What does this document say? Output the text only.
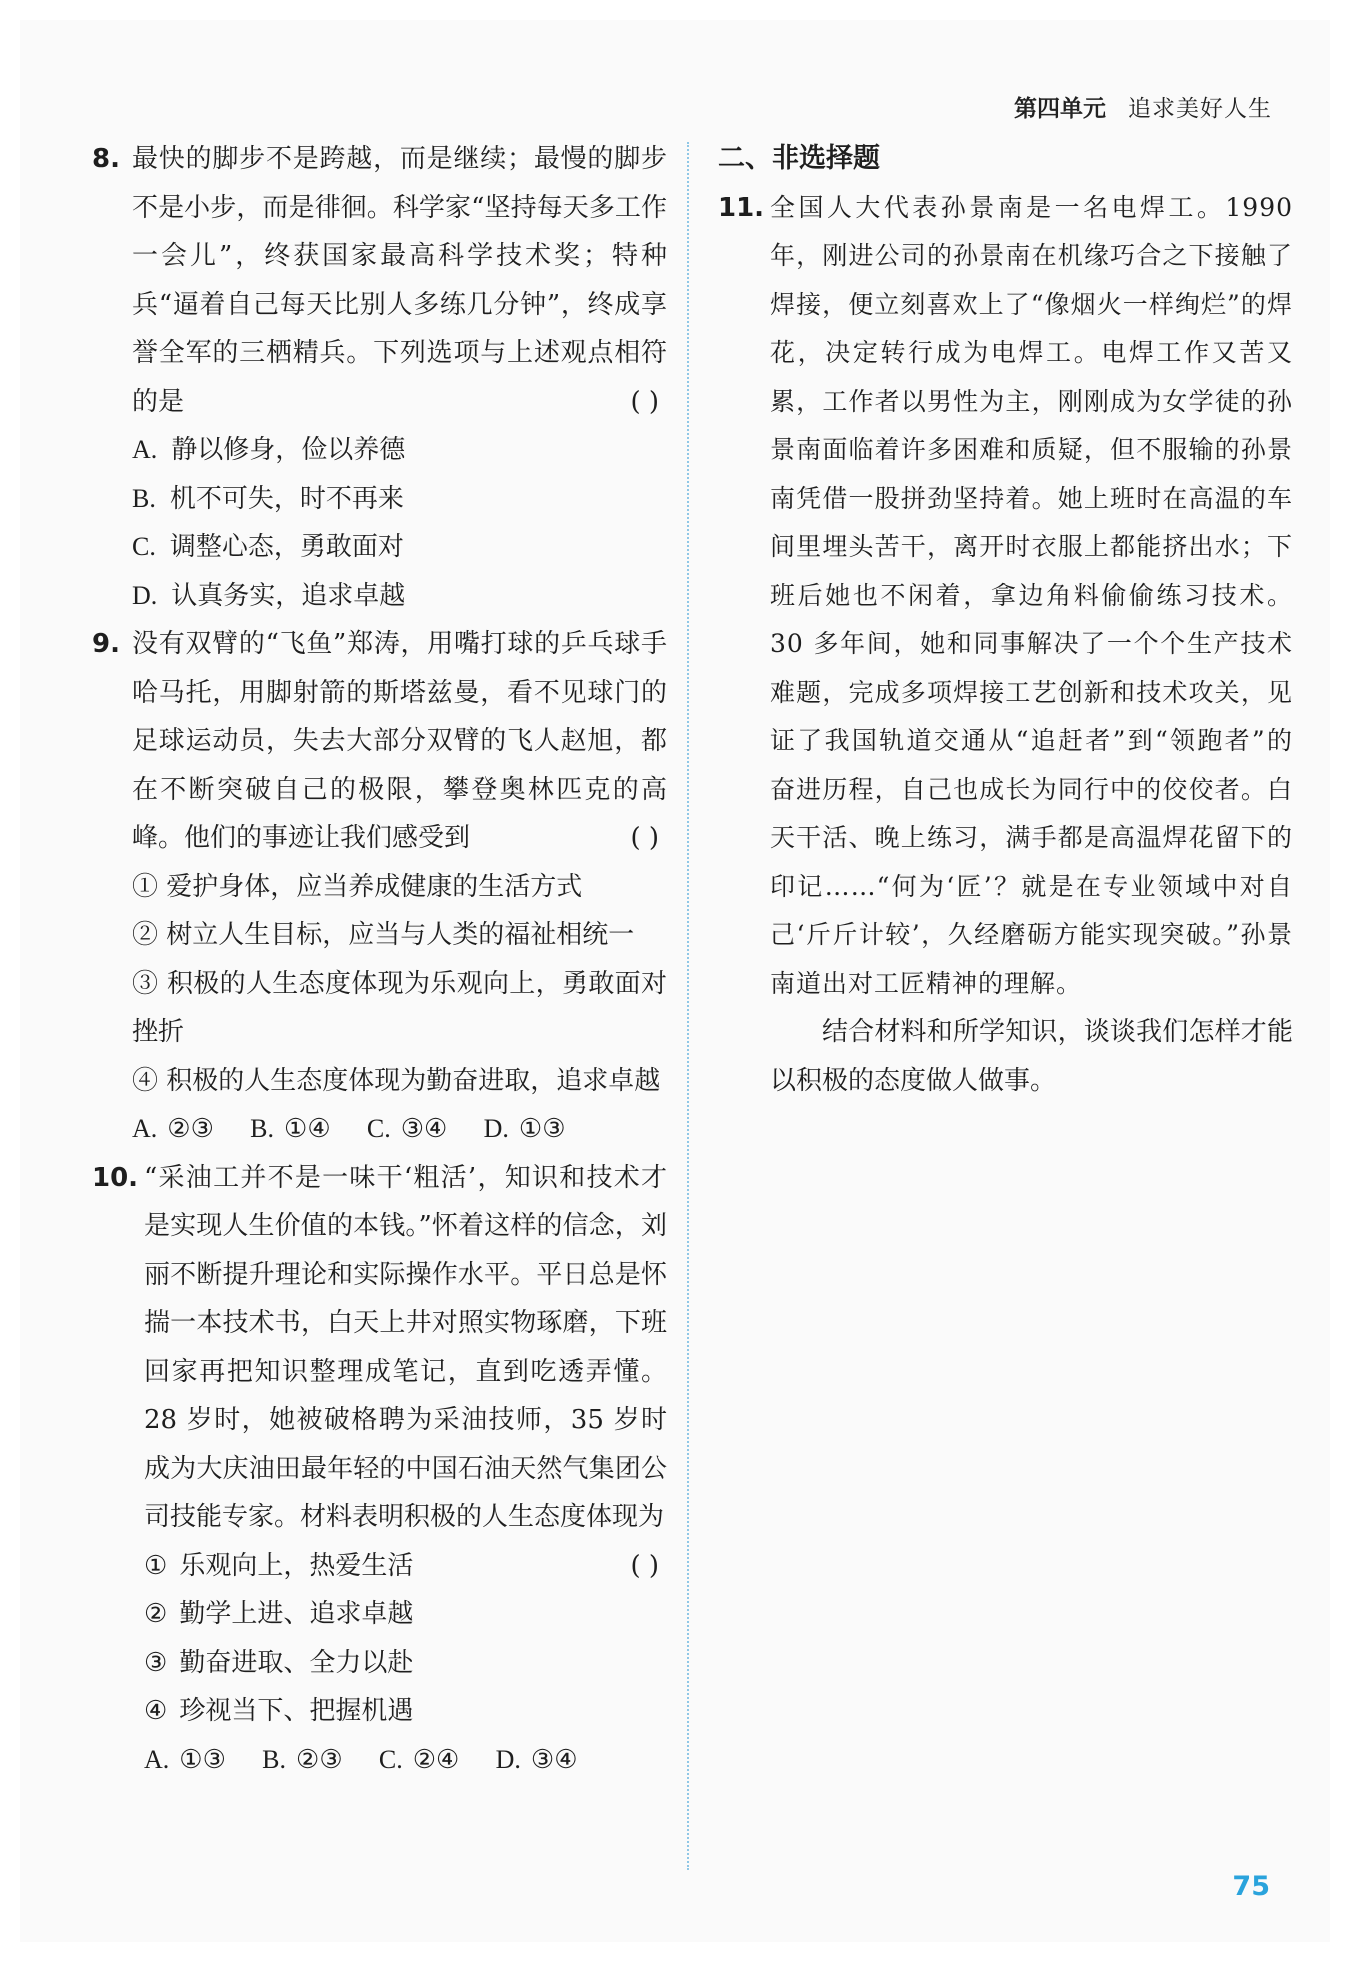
第四单元 追求美好人生
8. 最快的脚步不是跨越，而是继续；最慢的脚步不是小步，而是徘徊。科学家“坚持每天多工作一会儿”，终获国家最高科学技术奖；特种兵“逼着自己每天比别人多练几分钟”，终成享誉全军的三栖精兵。下列选项与上述观点相符的是	( )
A. 静以修身，俭以养德
B. 机不可失，时不再来
C. 调整心态，勇敢面对
D. 认真务实，追求卓越
9. 没有双臂的“飞鱼”郑涛，用嘴打球的乒乓球手哈马托，用脚射箭的斯塔兹曼，看不见球门的足球运动员，失去大部分双臂的飞人赵旭，都在不断突破自己的极限，攀登奥林匹克的高峰。他们的事迹让我们感受到	( )
① 爱护身体，应当养成健康的生活方式
② 树立人生目标，应当与人类的福祉相统一
③ 积极的人生态度体现为乐观向上，勇敢面对挫折
④ 积极的人生态度体现为勤奋进取，追求卓越
A. ②③ B. ①④ C. ③④ D. ①③
10. “采油工并不是一味干‘粗活’，知识和技术才是实现人生价值的本钱。”怀着这样的信念，刘丽不断提升理论和实际操作水平。平日总是怀揣一本技术书，白天上井对照实物琢磨，下班回家再把知识整理成笔记，直到吃透弄懂。28 岁时，她被破格聘为采油技师，35 岁时成为大庆油田最年轻的中国石油天然气集团公司技能专家。材料表明积极的人生态度体现为
( )
① 乐观向上，热爱生活
② 勤学上进、追求卓越
③ 勤奋进取、全力以赴
④ 珍视当下、把握机遇
A. ①③ B. ②③ C. ②④ D. ③④
二、非选择题
11. 全国人大代表孙景南是一名电焊工。1990 年，刚进公司的孙景南在机缘巧合之下接触了焊接，便立刻喜欢上了“像烟火一样绚烂”的焊花，决定转行成为电焊工。电焊工作又苦又累，工作者以男性为主，刚刚成为女学徒的孙景南面临着许多困难和质疑，但不服输的孙景南凭借一股拼劲坚持着。她上班时在高温的车间里埋头苦干，离开时衣服上都能挤出水；下班后她也不闲着，拿边角料偷偷练习技术。30 多年间，她和同事解决了一个个生产技术难题，完成多项焊接工艺创新和技术攻关，见证了我国轨道交通从“追赶者”到“领跑者”的奋进历程，自己也成长为同行中的佼佼者。白天干活、晚上练习，满手都是高温焊花留下的印记……“何为‘匠’？就是在专业领域中对自己‘斤斤计较’，久经磨砺方能实现突破。”孙景南道出对工匠精神的理解。
结合材料和所学知识，谈谈我们怎样才能以积极的态度做人做事。
75
